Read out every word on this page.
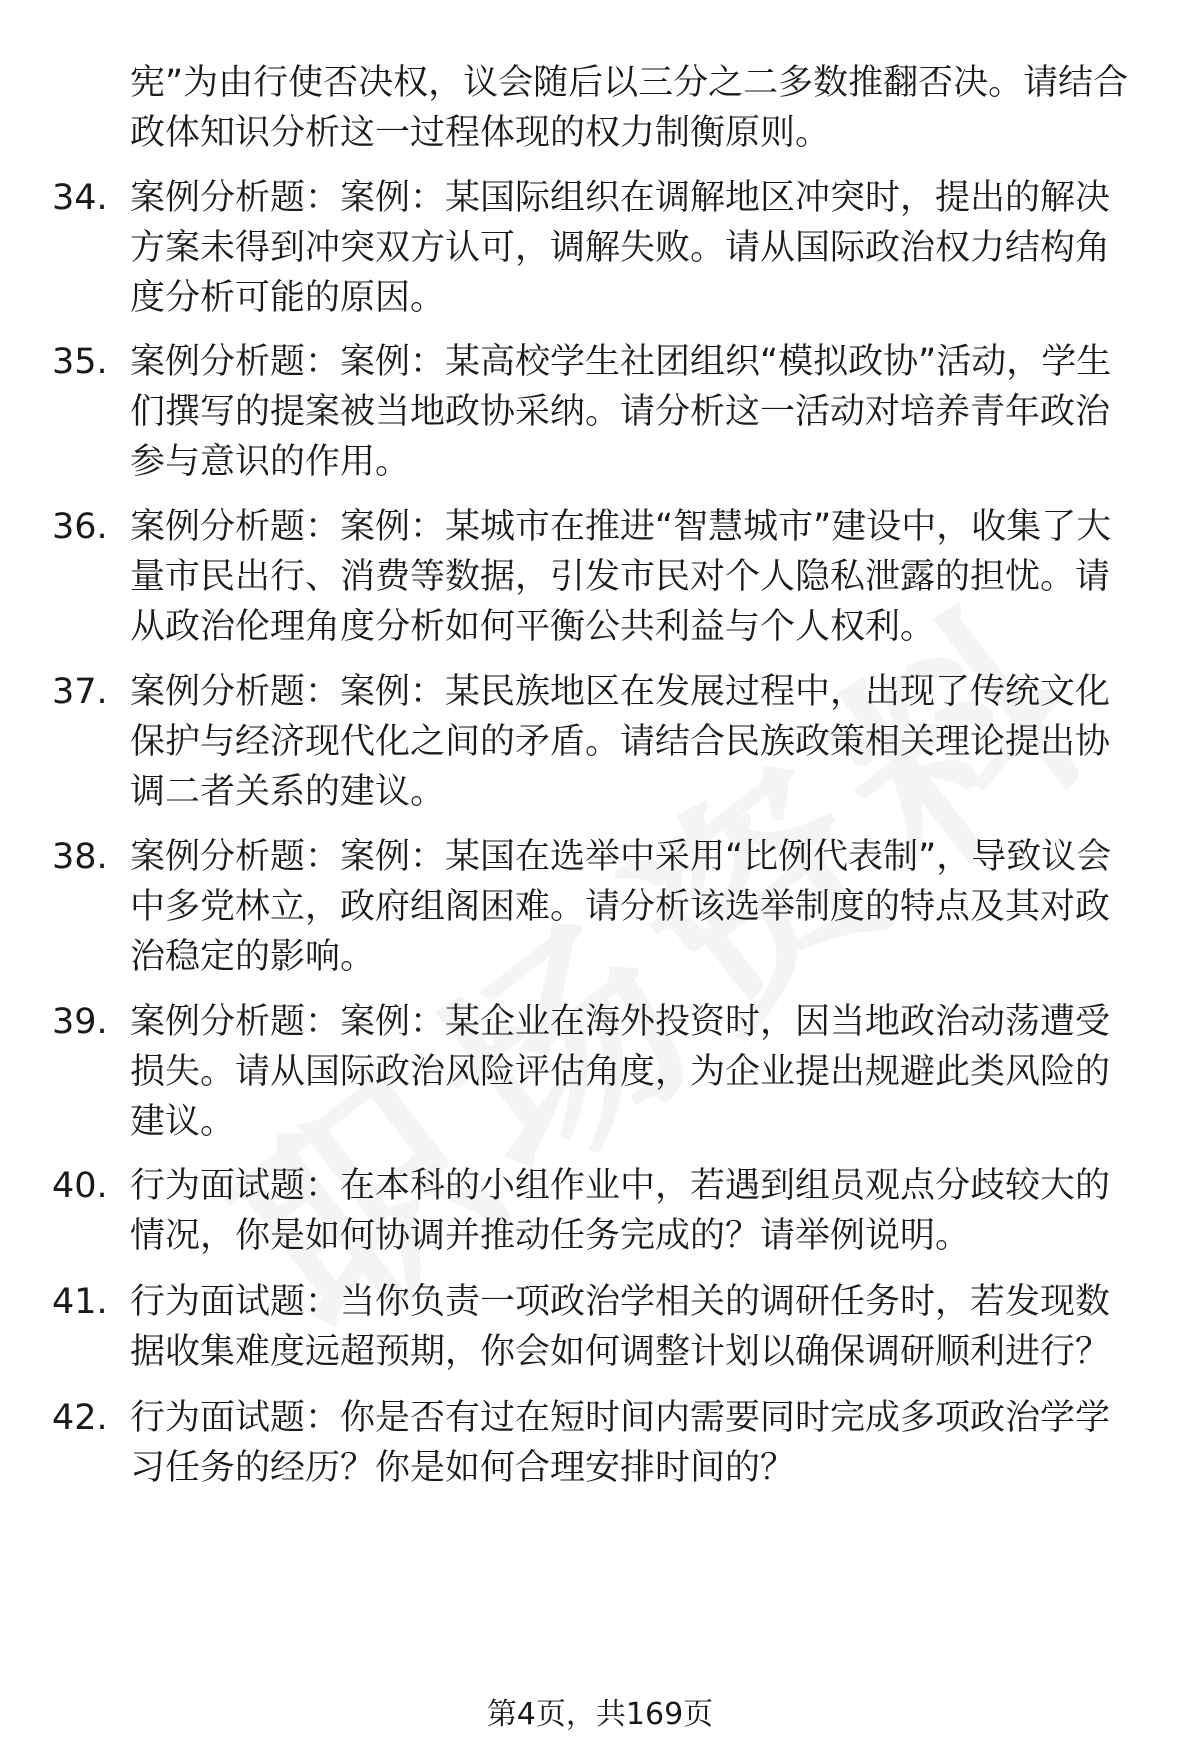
宪”为由行使否决权，议会随后以三分之二多数推翻否决。请结合政体知识分析这一过程体现的权力制衡原则。
34. 案例分析题：案例：某国际组织在调解地区冲突时，提出的解决方案未得到冲突双方认可，调解失败。请从国际政治权力结构角度分析可能的原因。
35. 案例分析题：案例：某高校学生社团组织“模拟政协”活动，学生们撰写的提案被当地政协采纳。请分析这一活动对培养青年政治参与意识的作用。
36. 案例分析题：案例：某城市在推进“智慧城市”建设中，收集了大量市民出行、消费等数据，引发市民对个人隐私泄露的担忧。请从政治伦理角度分析如何平衡公共利益与个人权利。
37. 案例分析题：案例：某民族地区在发展过程中，出现了传统文化保护与经济现代化之间的矛盾。请结合民族政策相关理论提出协调二者关系的建议。
38. 案例分析题：案例：某国在选举中采用“比例代表制”，导致议会中多党林立，政府组阁困难。请分析该选举制度的特点及其对政治稳定的影响。
39. 案例分析题：案例：某企业在海外投资时，因当地政治动荡遭受损失。请从国际政治风险评估角度，为企业提出规避此类风险的建议。
40. 行为面试题：在本科的小组作业中，若遇到组员观点分歧较大的情况，你是如何协调并推动任务完成的？请举例说明。
41. 行为面试题：当你负责一项政治学相关的调研任务时，若发现数据收集难度远超预期，你会如何调整计划以确保调研顺利进行？
42. 行为面试题：你是否有过在短时间内需要同时完成多项政治学学习任务的经历？你是如何合理安排时间的？
第4页，共169页
